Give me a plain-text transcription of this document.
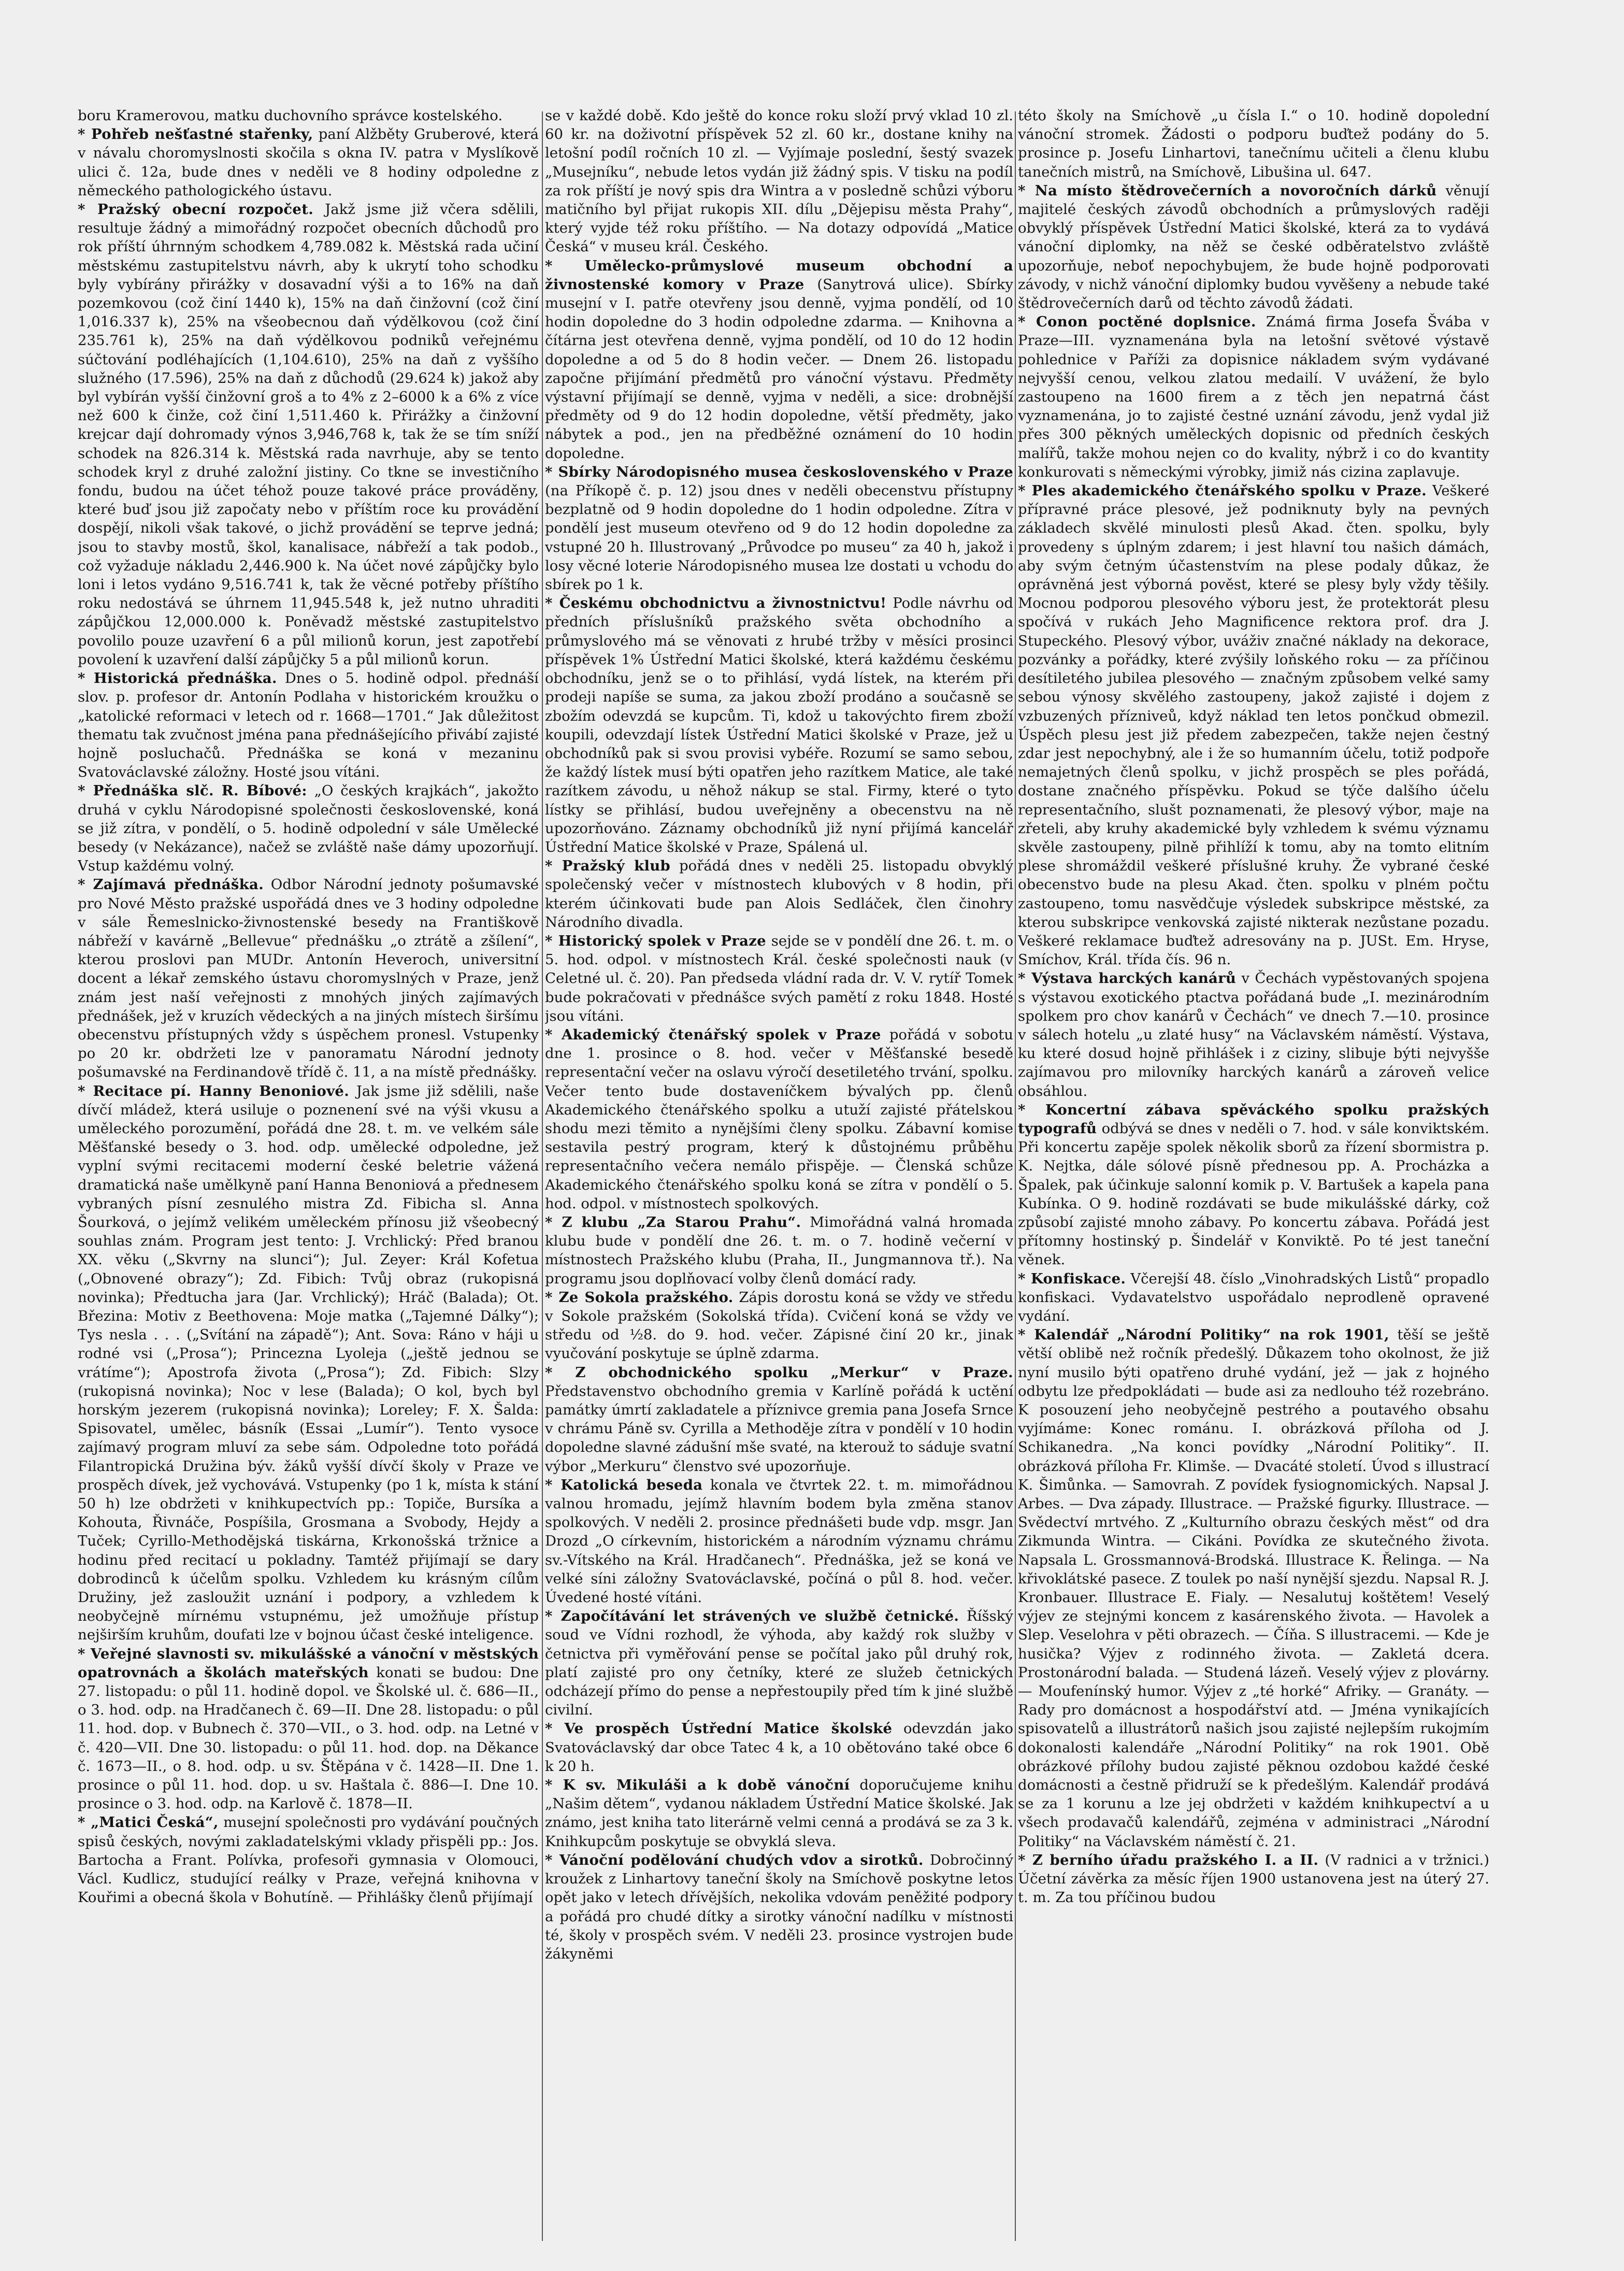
boru Kramerovou, matku duchovního správce kostelského.

* Pohřeb nešťastné stařenky, paní Alžběty Gruberové, která v návalu choromyslnosti skočila s okna IV. patra v Myslíkově ulici č. 12a, bude dnes v neděli ve 8 hodiny odpoledne z německého pathologického ústavu.

* Pražský obecní rozpočet. Jakž jsme již včera sdělili, resultuje žádný a mimořádný rozpočet obecních důchodů pro rok příští úhrnným schodkem 4,789.082 k. Městská rada učiní městskému zastupitelstvu návrh, aby k ukrytí toho schodku byly vybírány přirážky v dosavadní výši a to 16% na daň pozemkovou (což činí 1440 k), 15% na daň činžovní (což činí 1,016.337 k), 25% na všeobecnou daň výdělkovou (což činí 235.761 k), 25% na daň výdělkovou podniků veřejnému súčtování podléhajících (1,104.610), 25% na daň z vyššího služného (17.596), 25% na daň z důchodů (29.624 k) jakož aby byl vybírán vyšší činžovní groš a to 4% z 2–6000 k a 6% z více než 600 k činže, což činí 1,511.460 k. Přirážky a činžovní krejcar dají dohromady výnos 3,946,768 k, tak že se tím sníží schodek na 826.314 k. Městská rada navrhuje, aby se tento schodek kryl z druhé založní jistiny. Co tkne se investičního fondu, budou na účet téhož pouze takové práce prováděny, které buď jsou již započaty nebo v příštím roce ku provádění dospějí, nikoli však takové, o jichž provádění se teprve jedná; jsou to stavby mostů, škol, kanalisace, nábřeží a tak podob., což vyžaduje nákladu 2,446.900 k. Na účet nové zápůjčky bylo loni i letos vydáno 9,516.741 k, tak že věcné potřeby příštího roku nedostává se úhrnem 11,945.548 k, jež nutno uhraditi zápůjčkou 12,000.000 k. Poněvadž městské zastupitelstvo povolilo pouze uzavření 6 a půl milionů korun, jest zapotřebí povolení k uzavření další zápůjčky 5 a půl milionů korun.

* Historická přednáška. Dnes o 5. hodině odpol. přednáší slov. p. profesor dr. Antonín Podlaha v historickém kroužku o „katolické reformaci v letech od r. 1668—1701.“ Jak důležitost thematu tak zvučnost jména pana přednášejícího přivábí zajisté hojně posluchačů. Přednáška se koná v mezaninu Svatováclavské záložny. Hosté jsou vítáni.

* Přednáška slč. R. Bíbové: „O českých krajkách“, jakožto druhá v cyklu Národopisné společnosti československé, koná se již zítra, v pondělí, o 5. hodině odpolední v sále Umělecké besedy (v Nekázance), načež se zvláště naše dámy upozorňují. Vstup každému volný.

* Zajímavá přednáška. Odbor Národní jednoty pošumavské pro Nové Město pražské uspořádá dnes ve 3 hodiny odpoledne v sále Řemeslnicko-živnostenské besedy na Františkově nábřeží v kavárně „Bellevue“ přednášku „o ztrátě a zšílení“, kterou proslovi pan MUDr. Antonín Heveroch, universitní docent a lékař zemského ústavu choromyslných v Praze, jenž znám jest naší veřejnosti z mnohých jiných zajímavých přednášek, jež v kruzích vědeckých a na jiných místech širšímu obecenstvu přístupných vždy s úspěchem pronesl. Vstupenky po 20 kr. obdržeti lze v panoramatu Národní jednoty pošumavské na Ferdinandově třídě č. 11, a na místě přednášky.

* Recitace pí. Hanny Benoniové. Jak jsme již sdělili, naše dívčí mládež, která usiluje o poznenení své na výši vkusu a uměleckého porozumění, pořádá dne 28. t. m. ve velkém sále Měšťanské besedy o 3. hod. odp. umělecké odpoledne, jež vyplní svými recitacemi moderní české beletrie vážená dramatická naše umělkyně paní Hanna Benoniová a přednesem vybraných písní zesnulého mistra Zd. Fibicha sl. Anna Šourková, o jejímž velikém uměleckém přínosu již všeobecný souhlas znám. Program jest tento: J. Vrchlický: Před branou XX. věku („Skvrny na slunci“); Jul. Zeyer: Král Kofetua („Obnovené obrazy“); Zd. Fibich: Tvůj obraz (rukopisná novinka); Předtucha jara (Jar. Vrchlický); Hráč (Balada); Ot. Březina: Motiv z Beethovena: Moje matka („Tajemné Dálky“); Tys nesla . . . („Svítání na západě“); Ant. Sova: Ráno v háji u rodné vsi („Prosa“); Princezna Lyoleja („ještě jednou se vrátíme“); Apostrofa života („Prosa“); Zd. Fibich: Slzy (rukopisná novinka); Noc v lese (Balada); O kol, bych byl horským jezerem (rukopisná novinka); Loreley; F. X. Šalda: Spisovatel, umělec, básník (Essai „Lumír“). Tento vysoce zajímavý program mluví za sebe sám. Odpoledne toto pořádá Filantropická Družina býv. žáků vyšší dívčí školy v Praze ve prospěch dívek, jež vychovává. Vstupenky (po 1 k, místa k stání 50 h) lze obdržeti v knihkupectvích pp.: Topiče, Bursíka a Kohouta, Řivnáče, Pospíšila, Grosmana a Svobody, Hejdy a Tuček; Cyrillo-Methodějská tiskárna, Krkonošská tržnice a hodinu před recitací u pokladny. Tamtéž přijímají se dary dobrodinců k účelům spolku. Vzhledem ku krásným cílům Družiny, jež zasloužit uznání i podpory, a vzhledem k neobyčejně mírnému vstupnému, jež umožňuje přístup nejširším kruhům, doufati lze v bojnou účast české inteligence.

* Veřejné slavnosti sv. mikulášské a vánoční v městských opatrovnách a školách mateřských konati se budou: Dne 27. listopadu: o půl 11. hodině dopol. ve Školské ul. č. 686—II., o 3. hod. odp. na Hradčanech č. 69—II. Dne 28. listopadu: o půl 11. hod. dop. v Bubnech č. 370—VII., o 3. hod. odp. na Letné v č. 420—VII. Dne 30. listopadu: o půl 11. hod. dop. na Děkance č. 1673—II., o 8. hod. odp. u sv. Štěpána v č. 1428—II. Dne 1. prosince o půl 11. hod. dop. u sv. Haštala č. 886—I. Dne 10. prosince o 3. hod. odp. na Karlově č. 1878—II.

* „Matici Česká“, musejní společnosti pro vydávání poučných spisů českých, novými zakladatelskými vklady přispěli pp.: Jos. Bartocha a Frant. Polívka, profesoři gymnasia v Olomouci, Václ. Kudlicz, studující reálky v Praze, veřejná knihovna v Kouřimi a obecná škola v Bohutíně. — Přihlášky členů přijímají

se v každé době. Kdo ještě do konce roku složí prvý vklad 10 zl. 60 kr. na doživotní příspěvek 52 zl. 60 kr., dostane knihy na letošní podíl ročních 10 zl. — Vyjímaje poslední, šestý svazek „Musejníku“, nebude letos vydán již žádný spis. V tisku na podíl za rok příští je nový spis dra Wintra a v posledně schůzi výboru matičního byl přijat rukopis XII. dílu „Dějepisu města Prahy“, který vyjde též roku příštího. — Na dotazy odpovídá „Matice Česká“ v museu král. Českého.

* Umělecko-průmyslové museum obchodní a živnostenské komory v Praze (Sanytrová ulice). Sbírky musejní v I. patře otevřeny jsou denně, vyjma pondělí, od 10 hodin dopoledne do 3 hodin odpoledne zdarma. — Knihovna a čítárna jest otevřena denně, vyjma pondělí, od 10 do 12 hodin dopoledne a od 5 do 8 hodin večer. — Dnem 26. listopadu započne přijímání předmětů pro vánoční výstavu. Předměty výstavní přijímají se denně, vyjma v neděli, a sice: drobnější předměty od 9 do 12 hodin dopoledne, větší předměty, jako nábytek a pod., jen na předběžné oznámení do 10 hodin dopoledne.

* Sbírky Národopisného musea československého v Praze (na Příkopě č. p. 12) jsou dnes v neděli obecenstvu přístupny bezplatně od 9 hodin dopoledne do 1 hodin odpoledne. Zítra v pondělí jest museum otevřeno od 9 do 12 hodin dopoledne za vstupné 20 h. Illustrovaný „Průvodce po museu“ za 40 h, jakož i losy věcné loterie Národopisného musea lze dostati u vchodu do sbírek po 1 k.

* Českému obchodnictvu a živnostnictvu! Podle návrhu od předních příslušníků pražského světa obchodního a průmyslového má se věnovati z hrubé tržby v měsíci prosinci příspěvek 1% Ústřední Matici školské, která každému českému obchodníku, jenž se o to přihlásí, vydá lístek, na kterém při prodeji napíše se suma, za jakou zboží prodáno a současně se zbožím odevzdá se kupcům. Ti, kdož u takovýchto firem zboží koupili, odevzdají lístek Ústřední Matici školské v Praze, jež u obchodníků pak si svou provisi vybéře. Rozumí se samo sebou, že každý lístek musí býti opatřen jeho razítkem Matice, ale také razítkem závodu, u něhož nákup se stal. Firmy, které o tyto lístky se přihlásí, budou uveřejněny a obecenstvu na ně upozorňováno. Záznamy obchodníků již nyní přijímá kancelář Ústřední Matice školské v Praze, Spálená ul.

* Pražský klub pořádá dnes v neděli 25. listopadu obvyklý společenský večer v místnostech klubových v 8 hodin, při kterém účinkovati bude pan Alois Sedláček, člen činohry Národního divadla.

* Historický spolek v Praze sejde se v pondělí dne 26. t. m. o 5. hod. odpol. v místnostech Král. české společnosti nauk (v Celetné ul. č. 20). Pan předseda vládní rada dr. V. V. rytíř Tomek bude pokračovati v přednášce svých pamětí z roku 1848. Hosté jsou vítáni.

* Akademický čtenářský spolek v Praze pořádá v sobotu dne 1. prosince o 8. hod. večer v Měšťanské besedě representační večer na oslavu výročí desetiletého trvání, spolku. Večer tento bude dostaveníčkem bývalých pp. členů Akademického čtenářského spolku a utuží zajisté přátelskou shodu mezi těmito a nynějšími členy spolku. Zábavní komise sestavila pestrý program, který k důstojnému průběhu representačního večera nemálo přispěje. — Členská schůze Akademického čtenářského spolku koná se zítra v pondělí o 5. hod. odpol. v místnostech spolkových.

* Z klubu „Za Starou Prahu“. Mimořádná valná hromada klubu bude v pondělí dne 26. t. m. o 7. hodině večerní v místnostech Pražského klubu (Praha, II., Jungmannova tř.). Na programu jsou doplňovací volby členů domácí rady.

* Ze Sokola pražského. Zápis dorostu koná se vždy ve středu v Sokole pražském (Sokolská třída). Cvičení koná se vždy ve středu od ½8. do 9. hod. večer. Zápisné činí 20 kr., jinak vyučování poskytuje se úplně zdarma.

* Z obchodnického spolku „Merkur“ v Praze. Představenstvo obchodního gremia v Karlíně pořádá k uctění památky úmrtí zakladatele a příznivce gremia pana Josefa Srnce v chrámu Páně sv. Cyrilla a Methoděje zítra v pondělí v 10 hodin dopoledne slavné zádušní mše svaté, na kterouž to sáduje svatní výbor „Merkuru“ členstvo své upozorňuje.

* Katolická beseda konala ve čtvrtek 22. t. m. mimořádnou valnou hromadu, jejímž hlavním bodem byla změna stanov spolkových. V neděli 2. prosince přednášeti bude vdp. msgr. Jan Drozd „O církevním, historickém a národním významu chrámu sv.-Vítského na Král. Hradčanech“. Přednáška, jež se koná ve velké síni záložny Svatováclavské, počíná o půl 8. hod. večer. Úvedené hosté vítáni.

* Započítávání let strávených ve službě četnické. Říšský soud ve Vídni rozhodl, že výhoda, aby každý rok služby v četnictva při vyměřování pense se počítal jako půl druhý rok, platí zajisté pro ony četníky, které ze služeb četnických odcházejí přímo do pense a nepřestoupily před tím k jiné službě civilní.

* Ve prospěch Ústřední Matice školské odevzdán jako Svatováclavský dar obce Tatec 4 k, a 10 obětováno také obce 6 k 20 h.

* K sv. Mikuláši a k době vánoční doporučujeme knihu „Našim dětem“, vydanou nákladem Ústřední Matice školské. Jak známo, jest kniha tato literárně velmi cenná a prodává se za 3 k. Knihkupcům poskytuje se obvyklá sleva.

* Vánoční podělování chudých vdov a sirotků. Dobročinný kroužek z Linhartovy taneční školy na Smíchově poskytne letos opět jako v letech dřívějších, nekolika vdovám peněžité podpory a pořádá pro chudé dítky a sirotky vánoční nadílku v místnosti té, školy v prospěch svém. V neděli 23. prosince vystrojen bude žákyněmi

této školy na Smíchově „u čísla I.“ o 10. hodině dopolední vánoční stromek. Žádosti o podporu buďtež podány do 5. prosince p. Josefu Linhartovi, tanečnímu učiteli a členu klubu tanečních mistrů, na Smíchově, Libušina ul. 647.

* Na místo štědrovečerních a novoročních dárků věnují majitelé českých závodů obchodních a průmyslových raději obvyklý příspěvek Ústřední Matici školské, která za to vydává vánoční diplomky, na něž se české odběratelstvo zvláště upozorňuje, neboť nepochybujem, že bude hojně podporovati závody, v nichž vánoční diplomky budou vyvěšeny a nebude také štědrovečerních darů od těchto závodů žádati.

* Conon poctěné doplsnice. Známá firma Josefa Švába v Praze—III. vyznamenána byla na letošní světové výstavě pohlednice v Paříži za dopisnice nákladem svým vydávané nejvyšší cenou, velkou zlatou medailí. V uvážení, že bylo zastoupeno na 1600 firem a z těch jen nepatrná část vyznamenána, jo to zajisté čestné uznání závodu, jenž vydal již přes 300 pěkných uměleckých dopisnic od předních českých malířů, takže mohou nejen co do kvality, nýbrž i co do kvantity konkurovati s německými výrobky, jimiž nás cizina zaplavuje.

* Ples akademického čtenářského spolku v Praze. Veškeré přípravné práce plesové, jež podniknuty byly na pevných základech skvělé minulosti plesů Akad. čten. spolku, byly provedeny s úplným zdarem; i jest hlavní tou našich dámách, aby svým četným účastenstvím na plese podaly důkaz, že oprávněná jest výborná pověst, které se plesy byly vždy těšily. Mocnou podporou plesového výboru jest, že protektorát plesu spočívá v rukách Jeho Magnificence rektora prof. dra J. Stupeckého. Plesový výbor, uváživ značné náklady na dekorace, pozvánky a pořádky, které zvýšily loňského roku — za příčinou desítiletého jubilea plesového — značným způsobem velké samy sebou výnosy skvělého zastoupeny, jakož zajisté i dojem z vzbuzených přízniveů, když náklad ten letos pončkud obmezil. Úspěch plesu jest již předem zabezpečen, takže nejen čestný zdar jest nepochybný, ale i že so humanním účelu, totiž podpoře nemajetných členů spolku, v jichž prospěch se ples pořádá, dostane značného příspěvku. Pokud se týče dalšího účelu representačního, slušt poznamenati, že plesový výbor, maje na zřeteli, aby kruhy akademické byly vzhledem k svému významu skvěle zastoupeny, pilně přihlíží k tomu, aby na tomto elitním plese shromáždil veškeré příslušné kruhy. Že vybrané české obecenstvo bude na plesu Akad. čten. spolku v plném počtu zastoupeno, tomu nasvědčuje výsledek subskripce městské, za kterou subskripce venkovská zajisté nikterak nezůstane pozadu. Veškeré reklamace buďtež adresovány na p. JUSt. Em. Hryse, Smíchov, Král. třída čís. 96 n.

* Výstava harckých kanárů v Čechách vypěstovaných spojena s výstavou exotického ptactva pořádaná bude „I. mezinárodním spolkem pro chov kanárů v Čechách“ ve dnech 7.—10. prosince v sálech hotelu „u zlaté husy“ na Václavském náměstí. Výstava, ku které dosud hojně přihlášek i z ciziny, slibuje býti nejvyšše zajímavou pro milovníky harckých kanárů a zároveň velice obsáhlou.

* Koncertní zábava spěváckého spolku pražských typografů odbývá se dnes v neděli o 7. hod. v sále konviktském. Při koncertu zapěje spolek několik sborů za řízení sbormistra p. K. Nejtka, dále sólové písně přednesou pp. A. Procházka a Špalek, pak účinkuje salonní komik p. V. Bartušek a kapela pana Kubínka. O 9. hodině rozdávati se bude mikulášské dárky, což způsobí zajisté mnoho zábavy. Po koncertu zábava. Pořádá jest přítomny hostinský p. Šindelář v Konviktě. Po té jest taneční věnek.

* Konfiskace. Včerejší 48. číslo „Vinohradských Listů“ propadlo konfiskaci. Vydavatelstvo uspořádalo neprodleně opravené vydání.

* Kalendář „Národní Politiky“ na rok 1901, těší se ještě větší oblibě než ročník předešlý. Důkazem toho okolnost, že již nyní musilo býti opatřeno druhé vydání, jež — jak z hojného odbytu lze předpokládati — bude asi za nedlouho též rozebráno. K posouzení jeho neobyčejně pestrého a poutavého obsahu vyjímáme: Konec románu. I. obrázková příloha od J. Schikanedra. „Na konci povídky „Národní Politiky“. II. obrázková příloha Fr. Klimše. — Dvacáté století. Úvod s illustrací K. Šimůnka. — Samovrah. Z povídek fysiognomických. Napsal J. Arbes. — Dva západy. Illustrace. — Pražské figurky. Illustrace. — Svědectví mrtvého. Z „Kulturního obrazu českých měst“ od dra Zikmunda Wintra. — Cikáni. Povídka ze skutečného života. Napsala L. Grossmannová-Brodská. Illustrace K. Řelinga. — Na křivoklátské pasece. Z toulek po naší nynější sjezdu. Napsal R. J. Kronbauer. Illustrace E. Fialy. — Nesalutuj koštětem! Veselý výjev ze stejnými koncem z kasárenského života. — Havolek a Slep. Veselohra v pěti obrazech. — Číňa. S illustracemi. — Kde je husička? Výjev z rodinného života. — Zakletá dcera. Prostonárodní balada. — Studená lázeň. Veselý výjev z plovárny. — Moufenínský humor. Výjev z „té horké“ Afriky. — Granáty. — Rady pro domácnost a hospodářství atd. — Jména vynikajících spisovatelů a illustrátorů našich jsou zajisté nejlepším rukojmím dokonalosti kalendáře „Národní Politiky“ na rok 1901. Obě obrázkové přílohy budou zajisté pěknou ozdobou každé české domácnosti a čestně přidruží se k předešlým. Kalendář prodává se za 1 korunu a lze jej obdržeti v každém knihkupectví a u všech prodavačů kalendářů, zejména v administraci „Národní Politiky“ na Václavském náměstí č. 21.

* Z berního úřadu pražského I. a II. (V radnici a v tržnici.) Účetní závěrka za měsíc říjen 1900 ustanovena jest na úterý 27. t. m. Za tou příčinou budou
